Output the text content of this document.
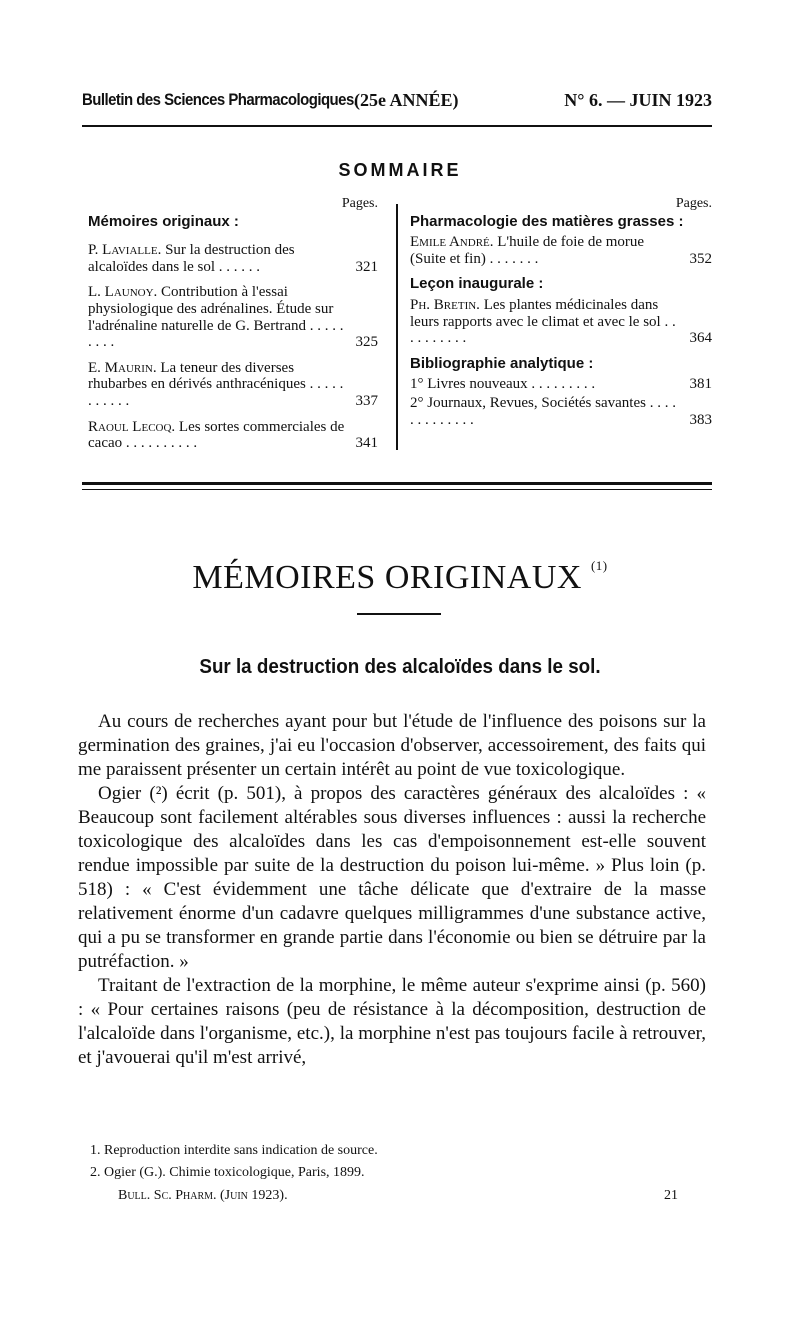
Bulletin des Sciences Pharmacologiques.
(25e ANNÉE)	N° 6. — JUIN 1923
SOMMAIRE
Pages.
Mémoires originaux :
P. Lavialle. Sur la destruction des alcaloïdes dans le sol . . . . . .	321
L. Launoy. Contribution à l'essai physiologique des adrénalines. Étude sur l'adrénaline naturelle de G. Bertrand . . . . . . . . .	325
E. Maurin. La teneur des diverses rhubarbes en dérivés anthracéniques . . . . . . . . . . .	337
Raoul Lecoq. Les sortes commerciales de cacao . . . . . . . . . .	341
Pages.
Pharmacologie des matières grasses :
Emile André. L'huile de foie de morue (Suite et fin) . . . . . . .	352
Leçon inaugurale :
Ph. Bretin. Les plantes médicinales dans leurs rapports avec le climat et avec le sol . . . . . . . . . .	364
Bibliographie analytique :
1° Livres nouveaux . . . . . . . . .	381
2° Journaux, Revues, Sociétés savantes . . . . . . . . . . . . .	383
MÉMOIRES ORIGINAUX $^{(1)}$
Sur la destruction des alcaloïdes dans le sol.

Au cours de recherches ayant pour but l'étude de l'influence des poisons sur la germination des graines, j'ai eu l'occasion d'observer, accessoirement, des faits qui me paraissent présenter un certain intérêt au point de vue toxicologique.

Ogier (²) écrit (p. 501), à propos des caractères généraux des alcaloïdes : « Beaucoup sont facilement altérables sous diverses influences : aussi la recherche toxicologique des alcaloïdes dans les cas d'empoisonnement est-elle souvent rendue impossible par suite de la destruction du poison lui-même. » Plus loin (p. 518) : « C'est évidemment une tâche délicate que d'extraire de la masse relativement énorme d'un cadavre quelques milligrammes d'une substance active, qui a pu se transformer en grande partie dans l'économie ou bien se détruire par la putréfaction. »

Traitant de l'extraction de la morphine, le même auteur s'exprime ainsi (p. 560) : « Pour certaines raisons (peu de résistance à la décomposition, destruction de l'alcaloïde dans l'organisme, etc.), la morphine n'est pas toujours facile à retrouver, et j'avouerai qu'il m'est arrivé,

1. Reproduction interdite sans indication de source.
2. Ogier (G.). Chimie toxicologique, Paris, 1899.
Bull. Sc. Pharm. (Juin 1923).	21
